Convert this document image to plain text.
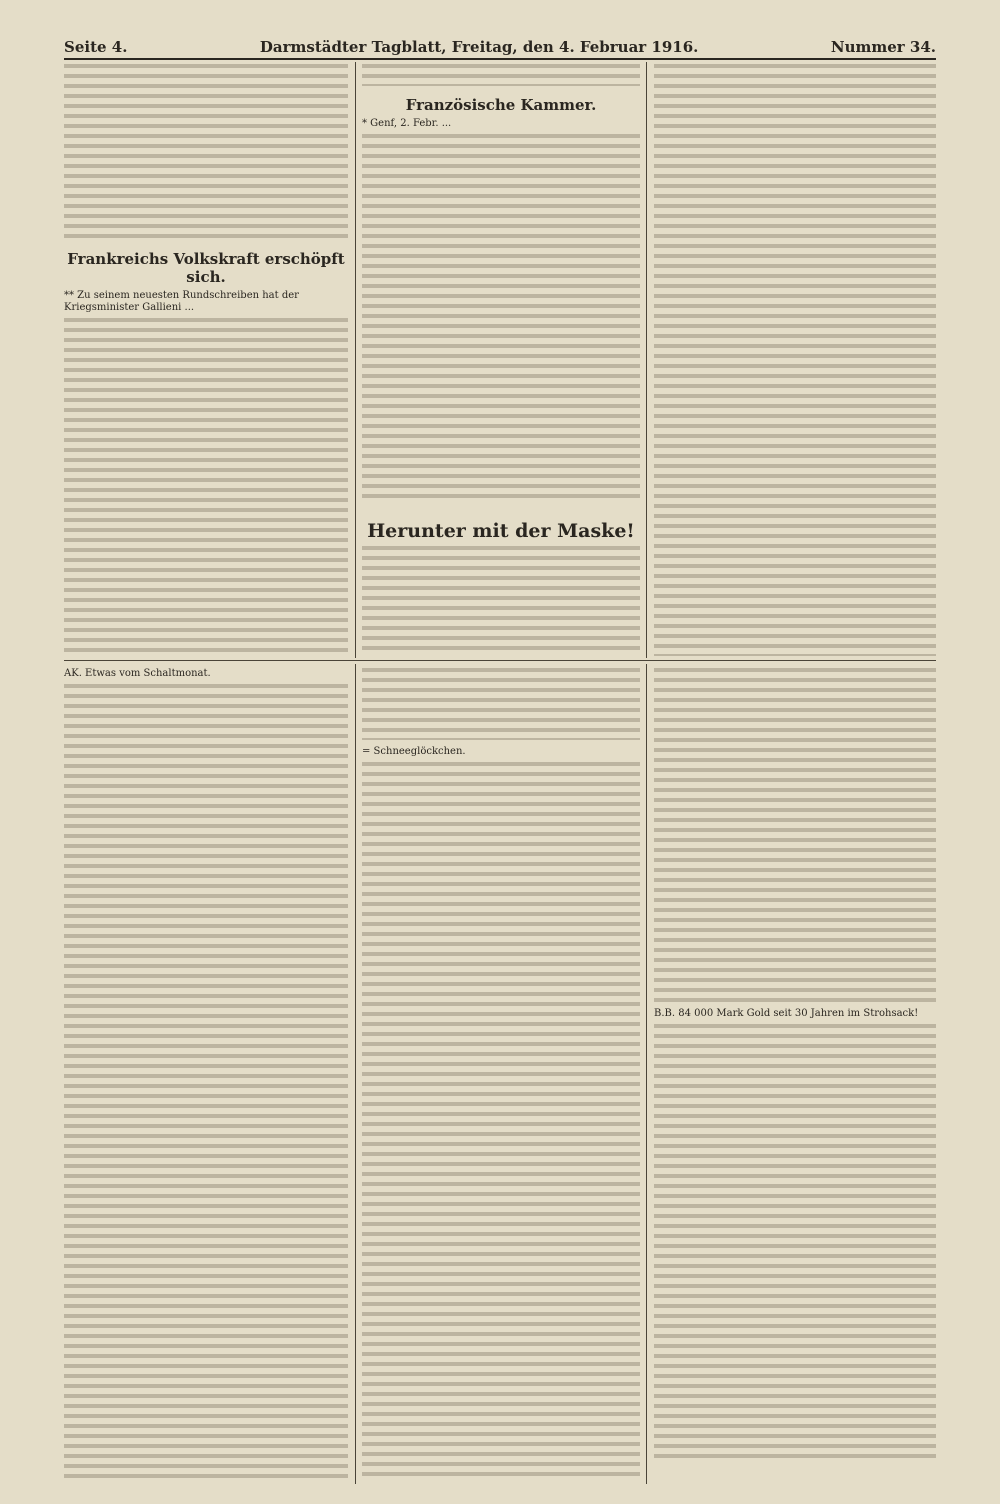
Seite 4.	Darmstädter Tagblatt, Freitag, den 4. Februar 1916.	Nummer 34.
Frankreichs Volkskraft erschöpft sich.

** Zu seinem neuesten Rundschreiben hat der Kriegsminister Gallieni ...

Französische Kammer.

* Genf, 2. Febr. ...

Herunter mit der Maske!

AK. Etwas vom Schaltmonat.

= Schneeglöckchen.

B.B. 84 000 Mark Gold seit 30 Jahren im Strohsack!
